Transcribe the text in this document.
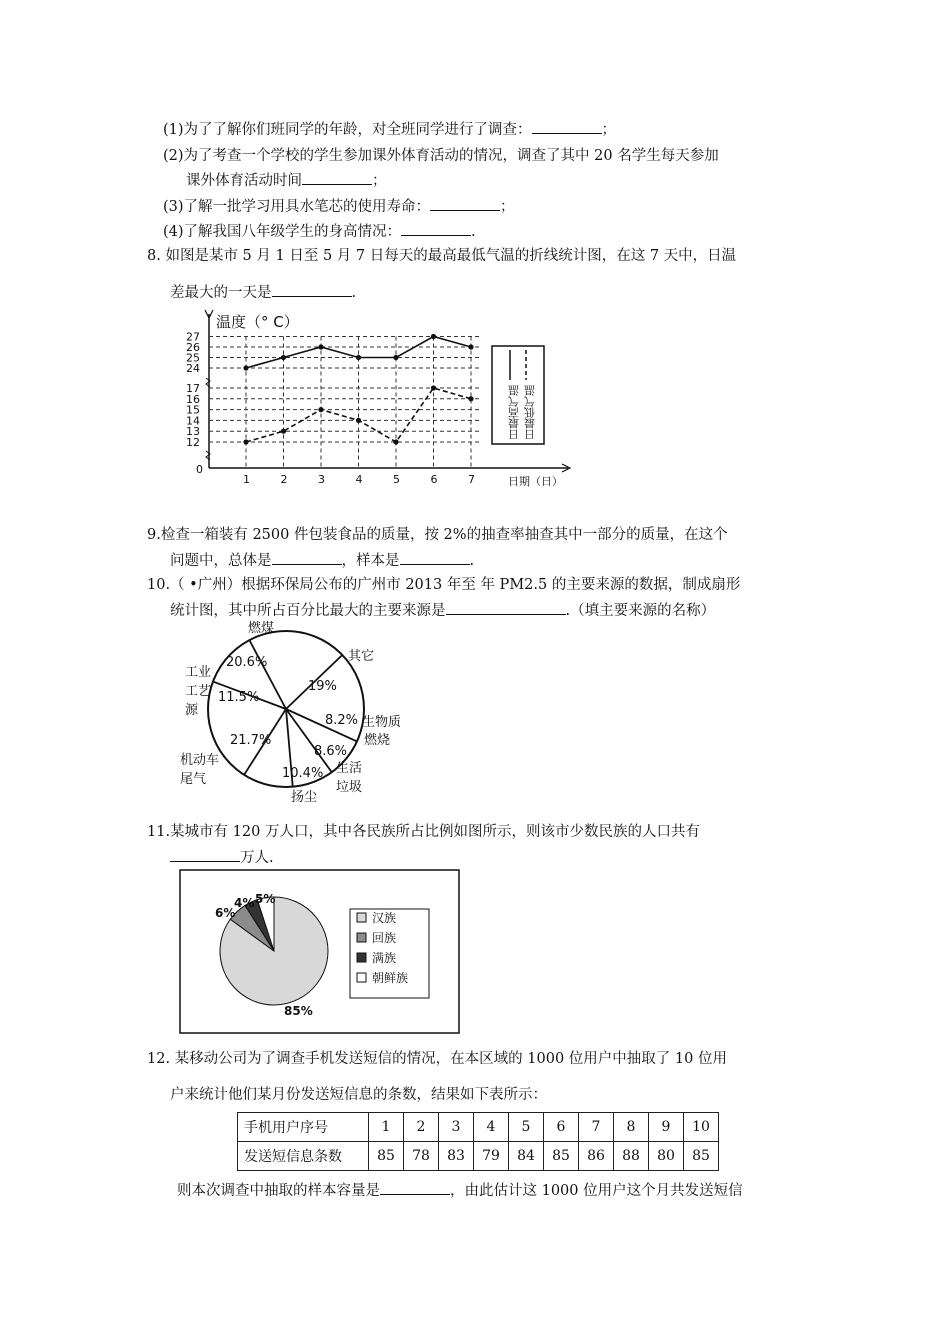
(1)为了了解你们班同学的年龄，对全班同学进行了调查：	；
(2)为了考查一个学校的学生参加课外体育活动的情况，调查了其中 20 名学生每天参加
课外体育活动时间	；
(3)了解一批学习用具水笔芯的使用寿命：	；
(4)了解我国八年级学生的身高情况：	.
8. 如图是某市 5 月 1 日至 5 月 7 日每天的最高最低气温的折线统计图，在这 7 天中，日温
差最大的一天是	.
温度（° C）
日期（日）
0
12
13
14
15
16
17
24
25
26
27
1	2	3	4	5	6	7
日最低气温
日最高气温
9.检查一箱装有 2500 件包装食品的质量，按 2%的抽查率抽查其中一部分的质量，在这个
问题中，总体是	，样本是	.
10.（ •广州）根据环保局公布的广州市 2013 年至 年 PM2.5 的主要来源的数据，制成扇形
统计图，其中所占百分比最大的主要来源是	.（填主要来源的名称）
20.6%
19%
8.2%
8.6%
10.4%
21.7%
11.5%
燃煤
其它
生物质
燃烧
生活
垃圾
扬尘
机动车
尾气
工业
工艺
源
11.某城市有 120 万人口，其中各民族所占比例如图所示，则该市少数民族的人口共有
万人.
85%
6%
4% 5%
汉族
回族
满族
朝鲜族
12. 某移动公司为了调查手机发送短信的情况，在本区域的 1000 位用户中抽取了 10 位用
户来统计他们某月份发送短信息的条数，结果如下表所示：
手机用户序号	1	2	3	4	5	6	7	8	9	10
发送短信息条数	85	78	83	79	84	85	86	88	80	85
则本次调查中抽取的样本容量是	，由此估计这 1000 位用户这个月共发送短信
